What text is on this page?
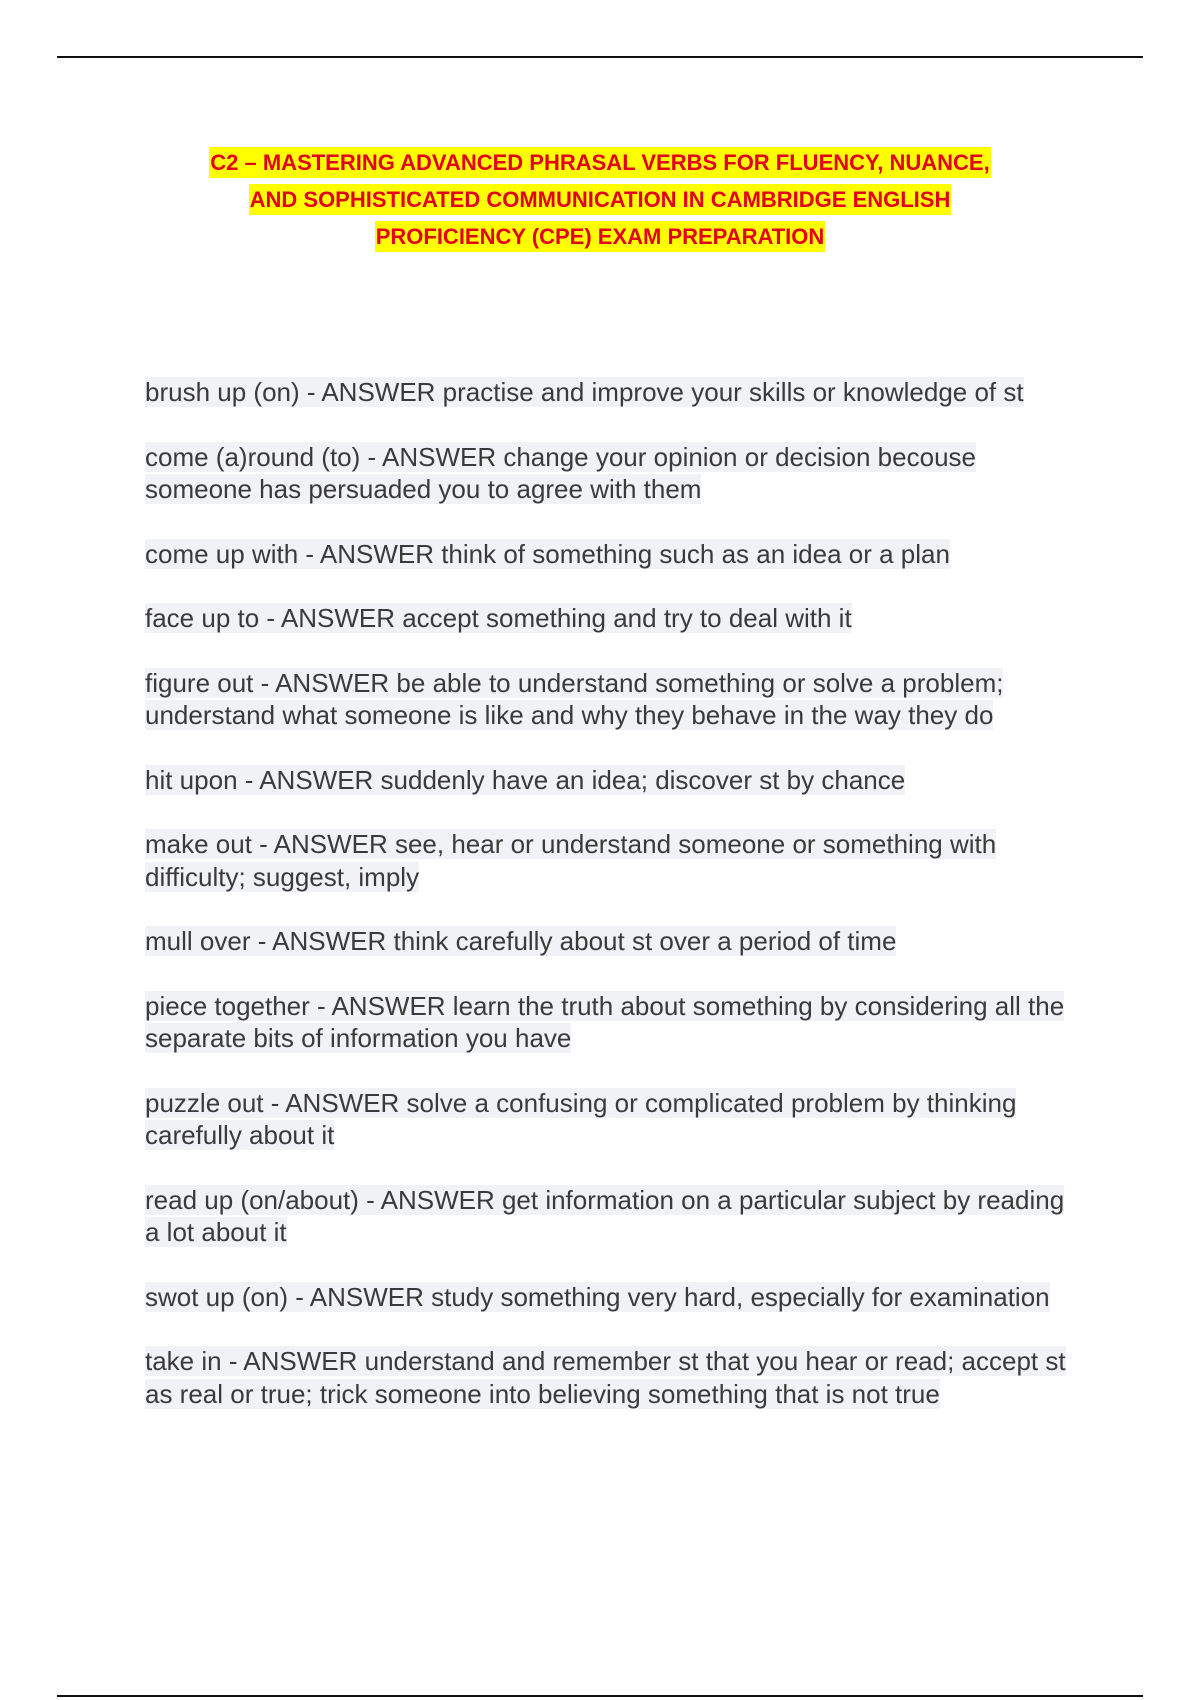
C2 – MASTERING ADVANCED PHRASAL VERBS FOR FLUENCY, NUANCE,
AND SOPHISTICATED COMMUNICATION IN CAMBRIDGE ENGLISH
PROFICIENCY (CPE) EXAM PREPARATION

brush up (on) - ANSWER practise and improve your skills or knowledge of st

come (a)round (to) - ANSWER change your opinion or decision becouse someone has persuaded you to agree with them

come up with - ANSWER think of something such as an idea or a plan

face up to - ANSWER accept something and try to deal with it

figure out - ANSWER be able to understand something or solve a problem; understand what someone is like and why they behave in the way they do

hit upon - ANSWER suddenly have an idea; discover st by chance

make out - ANSWER see, hear or understand someone or something with difficulty; suggest, imply

mull over - ANSWER think carefully about st over a period of time

piece together - ANSWER learn the truth about something by considering all the separate bits of information you have

puzzle out - ANSWER solve a confusing or complicated problem by thinking carefully about it

read up (on/about) - ANSWER get information on a particular subject by reading a lot about it

swot up (on) - ANSWER study something very hard, especially for examination

take in - ANSWER understand and remember st that you hear or read; accept st as real or true; trick someone into believing something that is not true
